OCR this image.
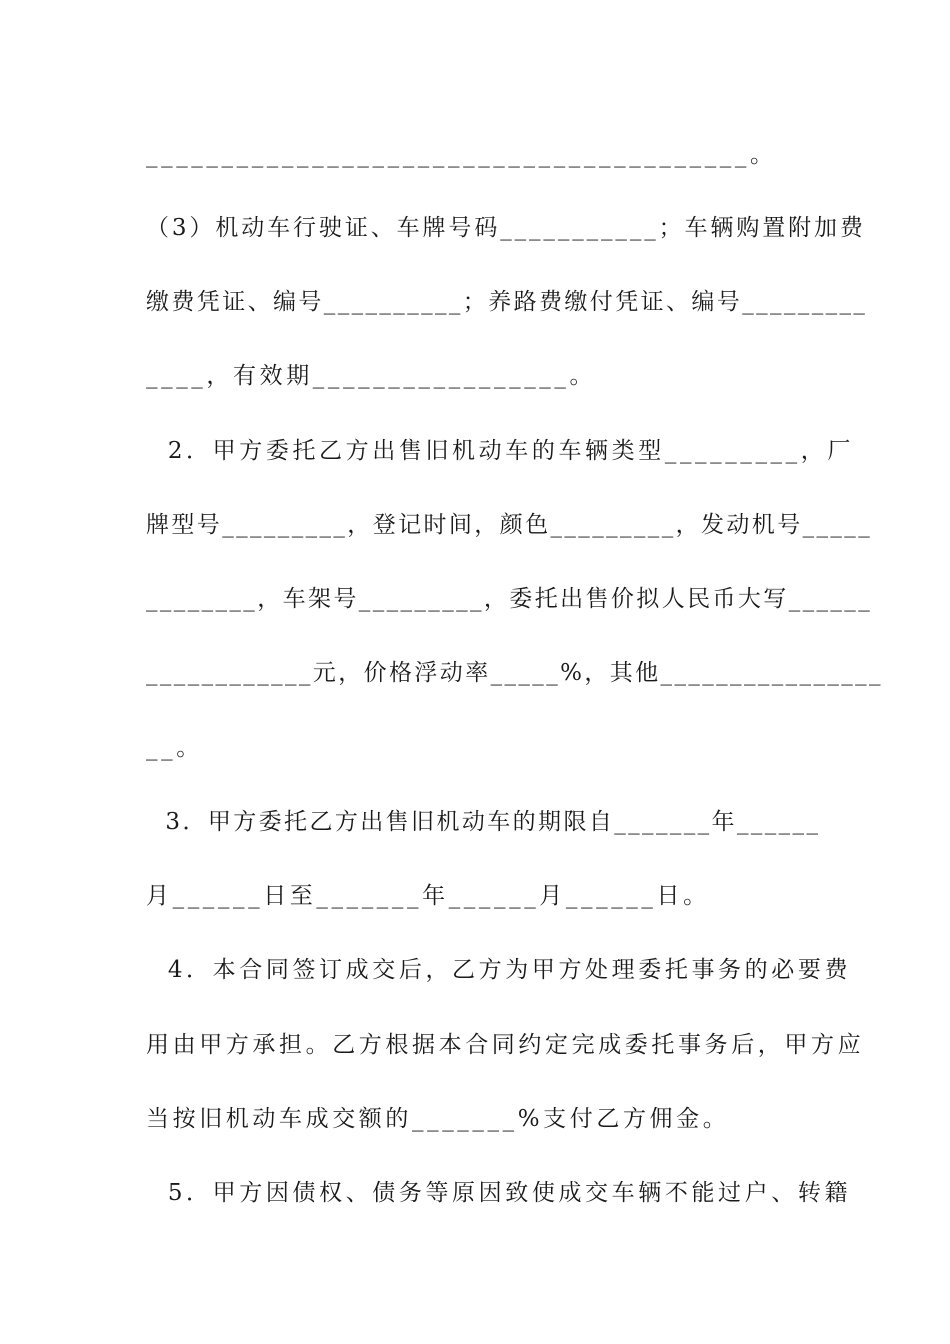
________________________________________。
（3）机动车行驶证、车牌号码___________；车辆购置附加费
缴费凭证、编号__________；养路费缴付凭证、编号_________
____，有效期_________________。
2．甲方委托乙方出售旧机动车的车辆类型_________，厂
牌型号_________，登记时间，颜色_________，发动机号_____
________，车架号_________，委托出售价拟人民币大写______
____________元，价格浮动率_____%，其他________________
__。
3．甲方委托乙方出售旧机动车的期限自_______年______
月______日至_______年______月______日。
4．本合同签订成交后，乙方为甲方处理委托事务的必要费
用由甲方承担。乙方根据本合同约定完成委托事务后，甲方应
当按旧机动车成交额的_______%支付乙方佣金。
5．甲方因债权、债务等原因致使成交车辆不能过户、转籍
